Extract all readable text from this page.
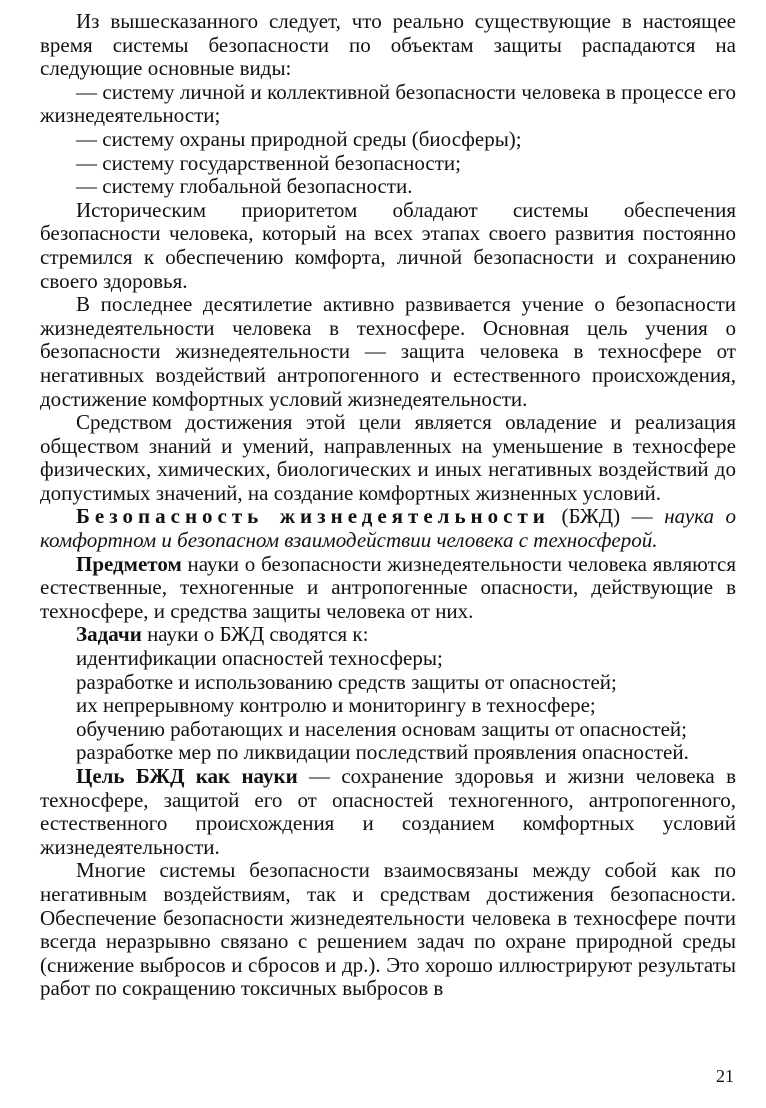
Из вышесказанного следует, что реально существующие в настоящее время системы безопасности по объектам защиты распадаются на следующие основные виды:

— систему личной и коллективной безопасности человека в процессе его жизнедеятельности;

— систему охраны природной среды (биосферы);

— систему государственной безопасности;

— систему глобальной безопасности.

Историческим приоритетом обладают системы обеспечения безопасности человека, который на всех этапах своего развития постоянно стремился к обеспечению комфорта, личной безопасности и сохранению своего здоровья.

В последнее десятилетие активно развивается учение о безопасности жизнедеятельности человека в техносфере. Основная цель учения о безопасности жизнедеятельности — защита человека в техносфере от негативных воздействий антропогенного и естественного происхождения, достижение комфортных условий жизнедеятельности.

Средством достижения этой цели является овладение и реализация обществом знаний и умений, направленных на уменьшение в техносфере физических, химических, биологических и иных негативных воздействий до допустимых значений, на создание комфортных жизненных условий.

Безопасность жизнедеятельности (БЖД) — наука о комфортном и безопасном взаимодействии человека с техносферой.

Предметом науки о безопасности жизнедеятельности человека являются естественные, техногенные и антропогенные опасности, действующие в техносфере, и средства защиты человека от них.

Задачи науки о БЖД сводятся к:

идентификации опасностей техносферы;

разработке и использованию средств защиты от опасностей;

их непрерывному контролю и мониторингу в техносфере;

обучению работающих и населения основам защиты от опасностей;

разработке мер по ликвидации последствий проявления опасностей.

Цель БЖД как науки — сохранение здоровья и жизни человека в техносфере, защитой его от опасностей техногенного, антропогенного, естественного происхождения и созданием комфортных условий жизнедеятельности.

Многие системы безопасности взаимосвязаны между собой как по негативным воздействиям, так и средствам достижения безопасности. Обеспечение безопасности жизнедеятельности человека в техносфере почти всегда неразрывно связано с решением задач по охране природной среды (снижение выбросов и сбросов и др.). Это хорошо иллюстрируют результаты работ по сокращению токсичных выбросов в

21
